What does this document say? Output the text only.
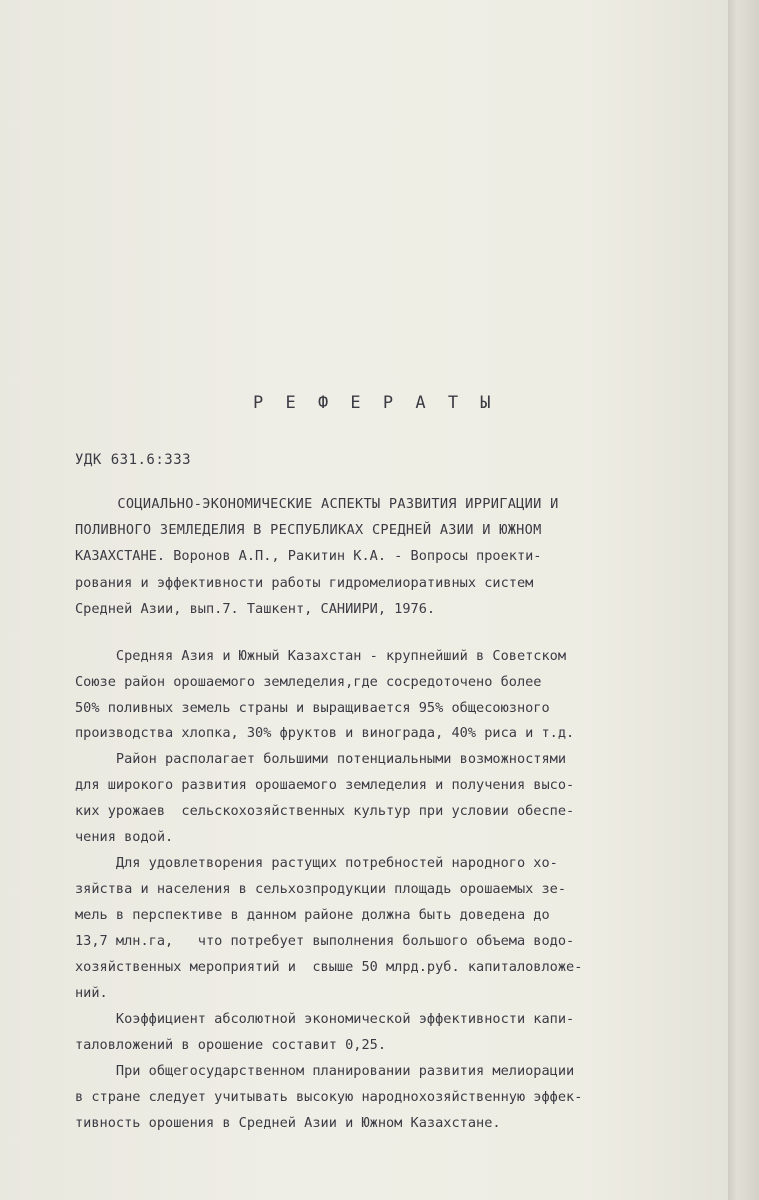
Р Е Ф Е Р А Т Ы
УДК 631.6:333
СОЦИАЛЬНО-ЭКОНОМИЧЕСКИЕ АСПЕКТЫ РАЗВИТИЯ ИРРИГАЦИИ И
ПОЛИВНОГО ЗЕМЛЕДЕЛИЯ В РЕСПУБЛИКАХ СРЕДНЕЙ АЗИИ И ЮЖНОМ
КАЗАХСТАНЕ. Воронов А.П., Ракитин К.А. - Вопросы проекти-
рования и эффективности работы гидромелиоративных систем
Средней Азии, вып.7. Ташкент, САНИИРИ, 1976.
Средняя Азия и Южный Казахстан - крупнейший в Советском
Союзе район орошаемого земледелия,где сосредоточено более
50% поливных земель страны и выращивается 95% общесоюзного
производства хлопка, 30% фруктов и винограда, 40% риса и т.д.
Район располагает большими потенциальными возможностями
для широкого развития орошаемого земледелия и получения высо-
ких урожаев  сельскохозяйственных культур при условии обеспе-
чения водой.
Для удовлетворения растущих потребностей народного хо-
зяйства и населения в сельхозпродукции площадь орошаемых зе-
мель в перспективе в данном районе должна быть доведена до
13,7 млн.га,   что потребует выполнения большого объема водо-
хозяйственных мероприятий и  свыше 50 млрд.руб. капиталовложе-
ний.
Коэффициент абсолютной экономической эффективности капи-
таловложений в орошение составит 0,25.
При общегосударственном планировании развития мелиорации
в стране следует учитывать высокую народнохозяйственную эффек-
тивность орошения в Средней Азии и Южном Казахстане.
